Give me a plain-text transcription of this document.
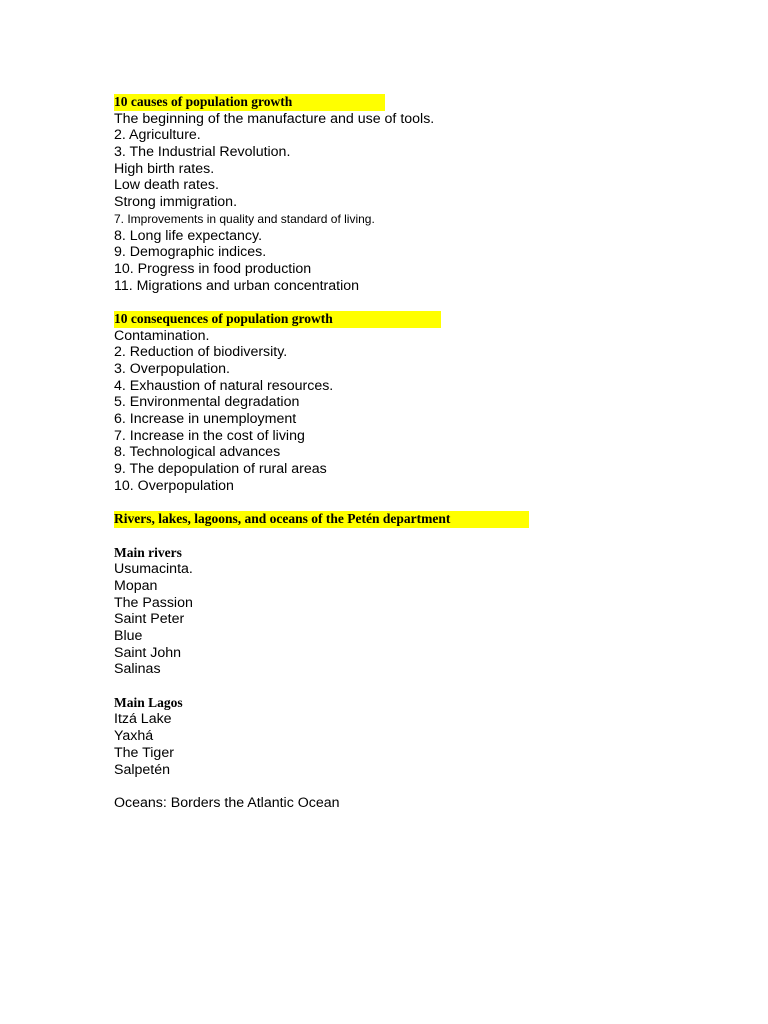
10 causes of population growth
The beginning of the manufacture and use of tools.
2. Agriculture.
3. The Industrial Revolution.
High birth rates.
Low death rates.
Strong immigration.
7. Improvements in quality and standard of living.
8. Long life expectancy.
9. Demographic indices.
10. Progress in food production
11. Migrations and urban concentration
10 consequences of population growth
Contamination.
2. Reduction of biodiversity.
3. Overpopulation.
4. Exhaustion of natural resources.
5. Environmental degradation
6. Increase in unemployment
7. Increase in the cost of living
8. Technological advances
9. The depopulation of rural areas
10. Overpopulation
Rivers, lakes, lagoons, and oceans of the Petén department
Main rivers
Usumacinta.
Mopan
The Passion
Saint Peter
Blue
Saint John
Salinas
Main Lagos
Itzá Lake
Yaxhá
The Tiger
Salpetén
Oceans: Borders the Atlantic Ocean
